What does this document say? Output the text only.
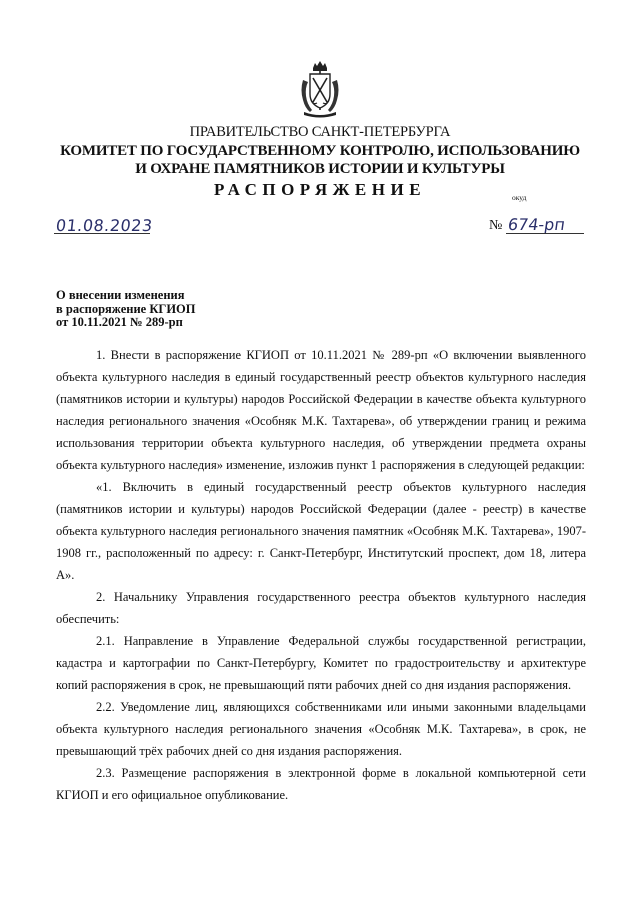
ПРАВИТЕЛЬСТВО САНКТ-ПЕТЕРБУРГА
КОМИТЕТ ПО ГОСУДАРСТВЕННОМУ КОНТРОЛЮ, ИСПОЛЬЗОВАНИЮ
И ОХРАНЕ ПАМЯТНИКОВ ИСТОРИИ И КУЛЬТУРЫ
РАСПОРЯЖЕНИЕ	окуд
01.08.2023	№ 674-рп
О внесении изменения
в распоряжение КГИОП
от 10.11.2021 № 289-рп

1. Внести в распоряжение КГИОП от 10.11.2021 № 289-рп «О включении выявленного объекта культурного наследия в единый государственный реестр объектов культурного наследия (памятников истории и культуры) народов Российской Федерации в качестве объекта культурного наследия регионального значения «Особняк М.К. Тахтарева», об утверждении границ и режима использования территории объекта культурного наследия, об утверждении предмета охраны объекта культурного наследия» изменение, изложив пункт 1 распоряжения в следующей редакции:

«1. Включить в единый государственный реестр объектов культурного наследия (памятников истории и культуры) народов Российской Федерации (далее - реестр) в качестве объекта культурного наследия регионального значения памятник «Особняк М.К. Тахтарева», 1907-1908 гг., расположенный по адресу: г. Санкт-Петербург, Институтский проспект, дом 18, литера А».

2. Начальнику Управления государственного реестра объектов культурного наследия обеспечить:

2.1. Направление в Управление Федеральной службы государственной регистрации, кадастра и картографии по Санкт-Петербургу, Комитет по градостроительству и архитектуре копий распоряжения в срок, не превышающий пяти рабочих дней со дня издания распоряжения.

2.2. Уведомление лиц, являющихся собственниками или иными законными владельцами объекта культурного наследия регионального значения «Особняк М.К. Тахтарева», в срок, не превышающий трёх рабочих дней со дня издания распоряжения.

2.3. Размещение распоряжения в электронной форме в локальной компьютерной сети КГИОП и его официальное опубликование.
